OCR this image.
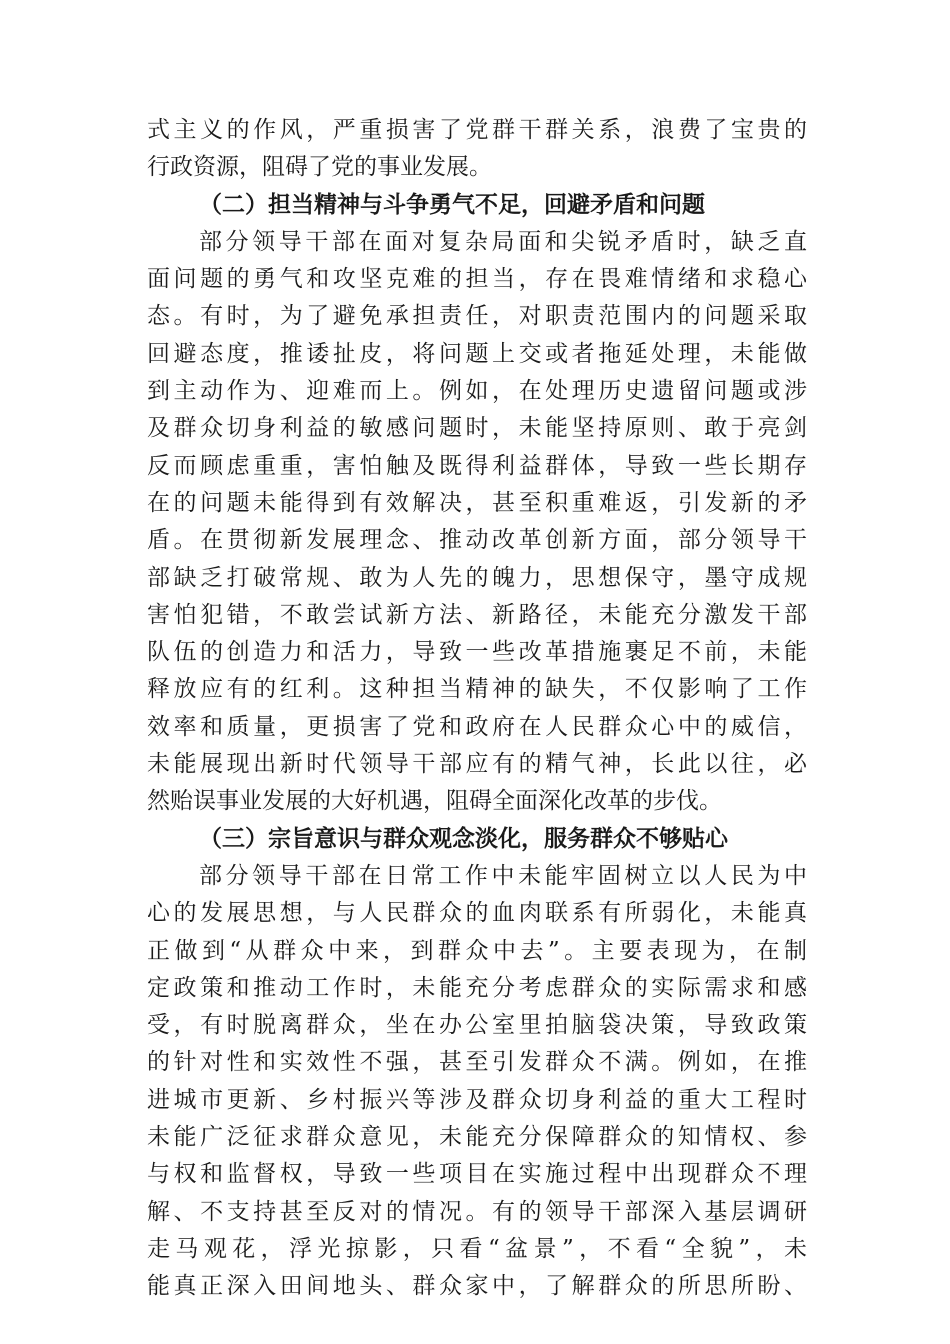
式主义的作风，严重损害了党群干群关系，浪费了宝贵的
行政资源，阻碍了党的事业发展。
（二）担当精神与斗争勇气不足，回避矛盾和问题
部分领导干部在面对复杂局面和尖锐矛盾时，缺乏直
面问题的勇气和攻坚克难的担当，存在畏难情绪和求稳心
态。有时，为了避免承担责任，对职责范围内的问题采取
回避态度，推诿扯皮，将问题上交或者拖延处理，未能做
到主动作为、迎难而上。例如，在处理历史遗留问题或涉
及群众切身利益的敏感问题时，未能坚持原则、敢于亮剑
反而顾虑重重，害怕触及既得利益群体，导致一些长期存
在的问题未能得到有效解决，甚至积重难返，引发新的矛
盾。在贯彻新发展理念、推动改革创新方面，部分领导干
部缺乏打破常规、敢为人先的魄力，思想保守，墨守成规
害怕犯错，不敢尝试新方法、新路径，未能充分激发干部
队伍的创造力和活力，导致一些改革措施裹足不前，未能
释放应有的红利。这种担当精神的缺失，不仅影响了工作
效率和质量，更损害了党和政府在人民群众心中的威信，
未能展现出新时代领导干部应有的精气神，长此以往，必
然贻误事业发展的大好机遇，阻碍全面深化改革的步伐。
（三）宗旨意识与群众观念淡化，服务群众不够贴心
部分领导干部在日常工作中未能牢固树立以人民为中
心的发展思想，与人民群众的血肉联系有所弱化，未能真
正做到“从群众中来，到群众中去”。主要表现为，在制
定政策和推动工作时，未能充分考虑群众的实际需求和感
受，有时脱离群众，坐在办公室里拍脑袋决策，导致政策
的针对性和实效性不强，甚至引发群众不满。例如，在推
进城市更新、乡村振兴等涉及群众切身利益的重大工程时
未能广泛征求群众意见，未能充分保障群众的知情权、参
与权和监督权，导致一些项目在实施过程中出现群众不理
解、不支持甚至反对的情况。有的领导干部深入基层调研
走马观花，浮光掠影，只看“盆景”，不看“全貌”，未
能真正深入田间地头、群众家中，了解群众的所思所盼、
